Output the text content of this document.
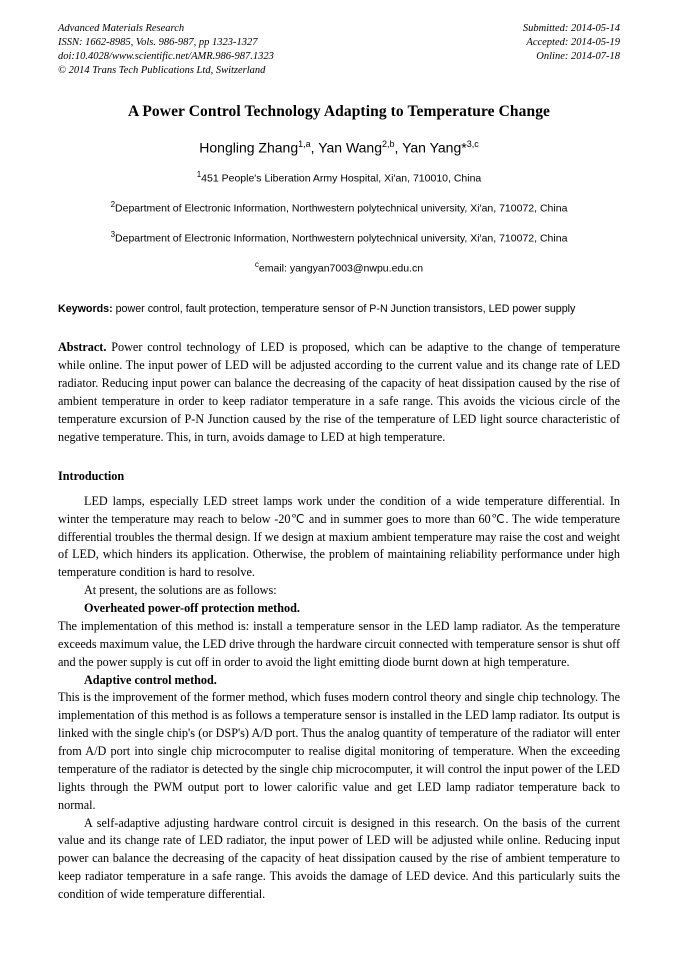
Advanced Materials Research
ISSN: 1662-8985, Vols. 986-987, pp 1323-1327
doi:10.4028/www.scientific.net/AMR.986-987.1323
© 2014 Trans Tech Publications Ltd, Switzerland
Submitted: 2014-05-14
Accepted: 2014-05-19
Online: 2014-07-18
A Power Control Technology Adapting to Temperature Change
Hongling Zhang$^{1,a}$, Yan Wang$^{2,b}$, Yan Yang*$^{3,c}$
$^1$451 People's Liberation Army Hospital, Xi'an, 710010, China
$^2$Department of Electronic Information, Northwestern polytechnical university, Xi'an, 710072, China
$^3$Department of Electronic Information, Northwestern polytechnical university, Xi'an, 710072, China
$^c$email: yangyan7003@nwpu.edu.cn
Keywords: power control, fault protection, temperature sensor of P-N Junction transistors, LED power supply
Abstract. Power control technology of LED is proposed, which can be adaptive to the change of temperature while online. The input power of LED will be adjusted according to the current value and its change rate of LED radiator. Reducing input power can balance the decreasing of the capacity of heat dissipation caused by the rise of ambient temperature in order to keep radiator temperature in a safe range. This avoids the vicious circle of the temperature excursion of P-N Junction caused by the rise of the temperature of LED light source characteristic of negative temperature. This, in turn, avoids damage to LED at high temperature.
Introduction

LED lamps, especially LED street lamps work under the condition of a wide temperature differential. In winter the temperature may reach to below -20℃ and in summer goes to more than 60℃. The wide temperature differential troubles the thermal design. If we design at maxium ambient temperature may raise the cost and weight of LED, which hinders its application. Otherwise, the problem of maintaining reliability performance under high temperature condition is hard to resolve.

At present, the solutions are as follows:

Overheated power-off protection method.

The implementation of this method is: install a temperature sensor in the LED lamp radiator. As the temperature exceeds maximum value, the LED drive through the hardware circuit connected with temperature sensor is shut off and the power supply is cut off in order to avoid the light emitting diode burnt down at high temperature.

Adaptive control method.

This is the improvement of the former method, which fuses modern control theory and single chip technology. The implementation of this method is as follows a temperature sensor is installed in the LED lamp radiator. Its output is linked with the single chip's (or DSP's) A/D port. Thus the analog quantity of temperature of the radiator will enter from A/D port into single chip microcomputer to realise digital monitoring of temperature. When the exceeding temperature of the radiator is detected by the single chip microcomputer, it will control the input power of the LED lights through the PWM output port to lower calorific value and get LED lamp radiator temperature back to normal.

A self-adaptive adjusting hardware control circuit is designed in this research. On the basis of the current value and its change rate of LED radiator, the input power of LED will be adjusted while online. Reducing input power can balance the decreasing of the capacity of heat dissipation caused by the rise of ambient temperature to keep radiator temperature in a safe range. This avoids the damage of LED device. And this particularly suits the condition of wide temperature differential.
